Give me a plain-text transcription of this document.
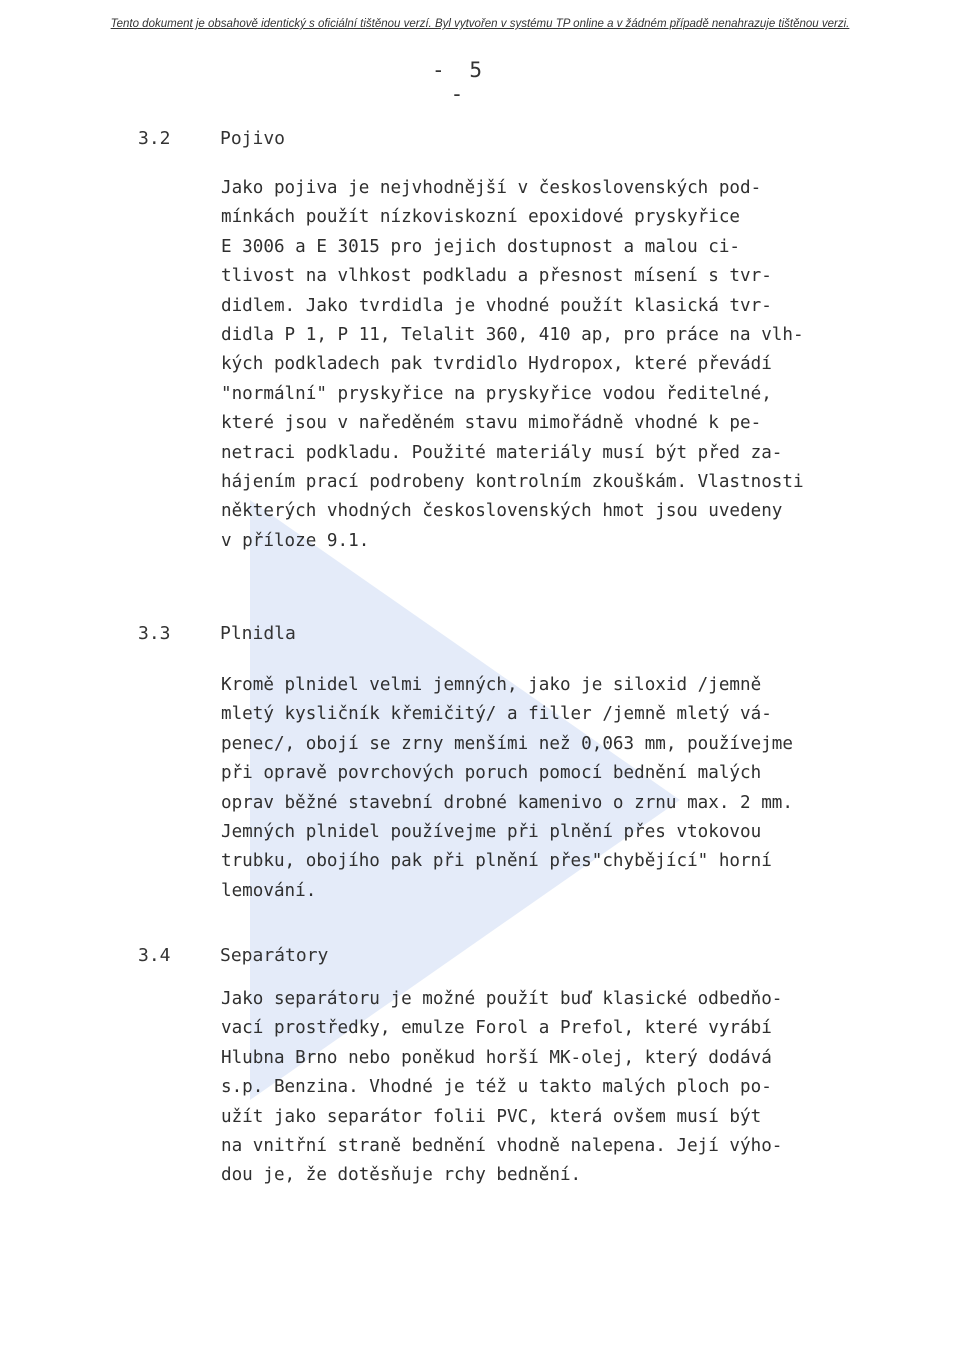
Tento dokument je obsahově identický s oficiální tištěnou verzí. Byl vytvořen v systému TP online a v žádném případě nenahrazuje tištěnou verzi.
- 5 -
3.2	Pojivo
Jako pojiva je nejvhodnější v československých pod-
mínkách použít nízkoviskozní epoxidové pryskyřice
E 3006 a E 3015 pro jejich dostupnost a malou ci-
tlivost na vlhkost podkladu a přesnost mísení s tvr-
didlem. Jako tvrdidla je vhodné použít klasická tvr-
didla P 1, P 11, Telalit 360, 410 ap, pro práce na vlh-
kých podkladech pak tvrdidlo Hydropox, které převádí
"normální" pryskyřice na pryskyřice vodou ředitelné,
které jsou v naředěném stavu mimořádně vhodné k pe-
netraci podkladu. Použité materiály musí být před za-
hájením prací podrobeny kontrolním zkouškám. Vlastnosti
některých vhodných československých hmot jsou uvedeny
v příloze 9.1.
3.3	Plnidla
Kromě plnidel velmi jemných, jako je siloxid /jemně
mletý kysličník křemičitý/ a filler /jemně mletý vá-
penec/, obojí se zrny menšími než 0,063 mm, používejme
při opravě povrchových poruch pomocí bednění malých
oprav běžné stavební drobné kamenivo o zrnu max. 2 mm.
Jemných plnidel používejme při plnění přes vtokovou
trubku, obojího pak při plnění přes"chybějící" horní
lemování.
3.4	Separátory
Jako separátoru je možné použít buď klasické odbedňo-
vací prostředky, emulze Forol a Prefol, které vyrábí
Hlubna Brno nebo poněkud horší MK-olej, který dodává
s.p. Benzina. Vhodné je též u takto malých ploch po-
užít jako separátor folii PVC, která ovšem musí být
na vnitřní straně bednění vhodně nalepena. Její výho-
dou je, že dotěsňuje rchy bednění.
